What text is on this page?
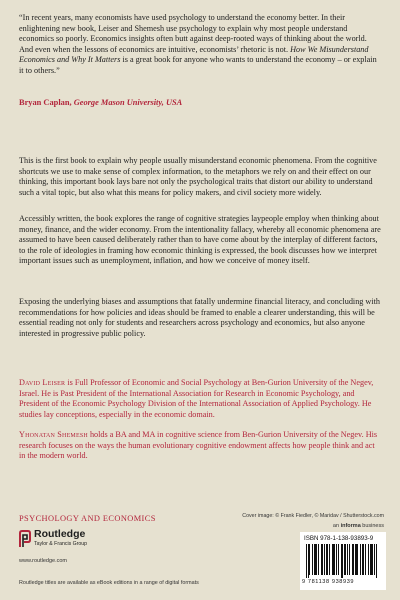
“In recent years, many economists have used psychology to understand the economy better. In their enlightening new book, Leiser and Shemesh use psychology to explain why most people understand economics so poorly. Economics insights often butt against deep-rooted ways of thinking about the world. And even when the lessons of economics are intuitive, economists’ rhetoric is not. How We Misunderstand Economics and Why It Matters is a great book for anyone who wants to understand the economy – or explain it to others.”
Bryan Caplan, George Mason University, USA
This is the first book to explain why people usually misunderstand economic phenomena. From the cognitive shortcuts we use to make sense of complex information, to the metaphors we rely on and their effect on our thinking, this important book lays bare not only the psychological traits that distort our ability to understand such a vital topic, but also what this means for policy makers, and civil society more widely.
Accessibly written, the book explores the range of cognitive strategies laypeople employ when thinking about money, finance, and the wider economy. From the intentionality fallacy, whereby all economic phenomena are assumed to have been caused deliberately rather than to have come about by the interplay of different factors, to the role of ideologies in framing how economic thinking is expressed, the book discusses how we interpret important issues such as unemployment, inflation, and how we conceive of money itself.
Exposing the underlying biases and assumptions that fatally undermine financial literacy, and concluding with recommendations for how policies and ideas should be framed to enable a clearer understanding, this will be essential reading not only for students and researchers across psychology and economics, but also anyone interested in progressive public policy.
David Leiser is Full Professor of Economic and Social Psychology at Ben-Gurion University of the Negev, Israel. He is Past President of the International Association for Research in Economic Psychology, and President of the Economic Psychology Division of the International Association of Applied Psychology. He studies lay conceptions, especially in the economic domain.
Yhonatan Shemesh holds a BA and MA in cognitive science from Ben-Gurion University of the Negev. His research focuses on the ways the human evolutionary cognitive endowment affects how people think and act in the modern world.
PSYCHOLOGY AND ECONOMICS	Cover image: © Frank Fiedler, © Maridav / Shutterstock.com
an informa business
Routledge
Taylor & Francis Group
www.routledge.com
Routledge titles are available as eBook editions in a range of digital formats
ISBN 978-1-138-93893-9
9 781138 938939
